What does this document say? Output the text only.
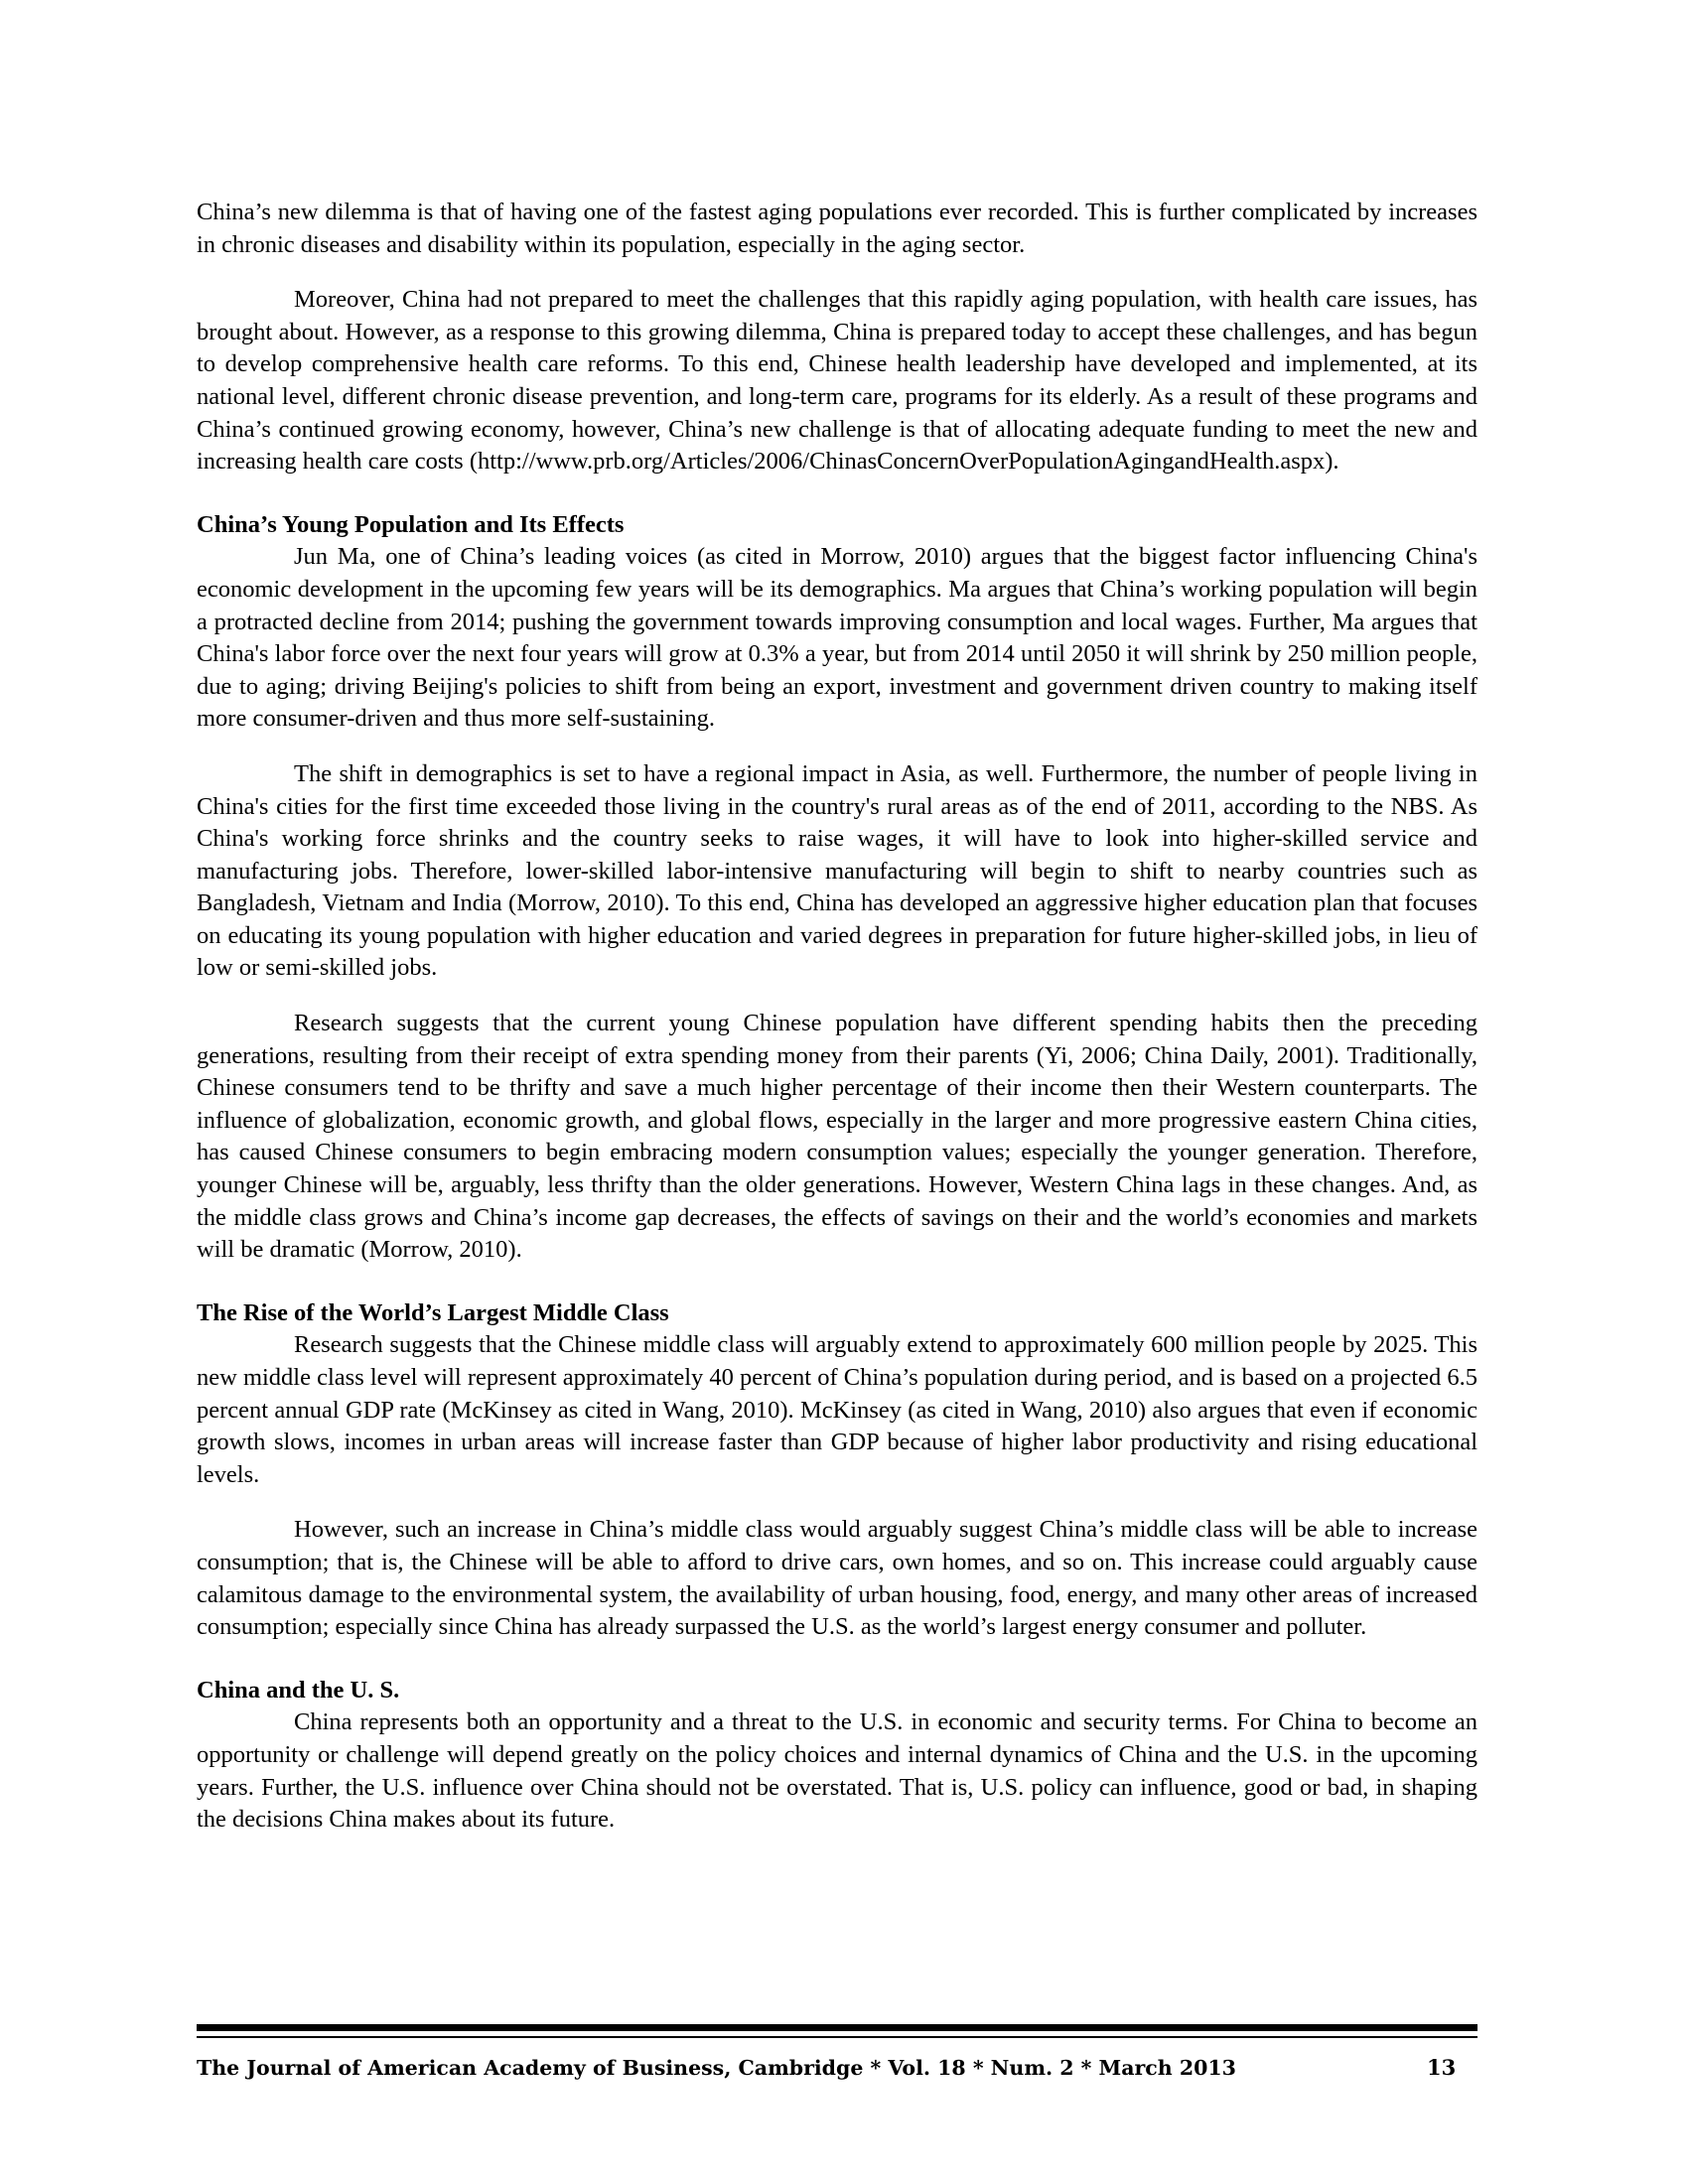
China’s new dilemma is that of having one of the fastest aging populations ever recorded. This is further complicated by increases in chronic diseases and disability within its population, especially in the aging sector.

Moreover, China had not prepared to meet the challenges that this rapidly aging population, with health care issues, has brought about. However, as a response to this growing dilemma, China is prepared today to accept these challenges, and has begun to develop comprehensive health care reforms. To this end, Chinese health leadership have developed and implemented, at its national level, different chronic disease prevention, and long-term care, programs for its elderly. As a result of these programs and China’s continued growing economy, however, China’s new challenge is that of allocating adequate funding to meet the new and increasing health care costs (http://www.prb.org/Articles/2006/ChinasConcernOverPopulationAgingandHealth.aspx).

China’s Young Population and Its Effects

Jun Ma, one of China’s leading voices (as cited in Morrow, 2010) argues that the biggest factor influencing China's economic development in the upcoming few years will be its demographics. Ma argues that China’s working population will begin a protracted decline from 2014; pushing the government towards improving consumption and local wages. Further, Ma argues that China's labor force over the next four years will grow at 0.3% a year, but from 2014 until 2050 it will shrink by 250 million people, due to aging; driving Beijing's policies to shift from being an export, investment and government driven country to making itself more consumer-driven and thus more self-sustaining.

The shift in demographics is set to have a regional impact in Asia, as well. Furthermore, the number of people living in China's cities for the first time exceeded those living in the country's rural areas as of the end of 2011, according to the NBS. As China's working force shrinks and the country seeks to raise wages, it will have to look into higher-skilled service and manufacturing jobs. Therefore, lower-skilled labor-intensive manufacturing will begin to shift to nearby countries such as Bangladesh, Vietnam and India (Morrow, 2010). To this end, China has developed an aggressive higher education plan that focuses on educating its young population with higher education and varied degrees in preparation for future higher-skilled jobs, in lieu of low or semi-skilled jobs.

Research suggests that the current young Chinese population have different spending habits then the preceding generations, resulting from their receipt of extra spending money from their parents (Yi, 2006; China Daily, 2001). Traditionally, Chinese consumers tend to be thrifty and save a much higher percentage of their income then their Western counterparts. The influence of globalization, economic growth, and global flows, especially in the larger and more progressive eastern China cities, has caused Chinese consumers to begin embracing modern consumption values; especially the younger generation. Therefore, younger Chinese will be, arguably, less thrifty than the older generations. However, Western China lags in these changes. And, as the middle class grows and China’s income gap decreases, the effects of savings on their and the world’s economies and markets will be dramatic (Morrow, 2010).

The Rise of the World’s Largest Middle Class

Research suggests that the Chinese middle class will arguably extend to approximately 600 million people by 2025. This new middle class level will represent approximately 40 percent of China’s population during period, and is based on a projected 6.5 percent annual GDP rate (McKinsey as cited in Wang, 2010). McKinsey (as cited in Wang, 2010) also argues that even if economic growth slows, incomes in urban areas will increase faster than GDP because of higher labor productivity and rising educational levels.

However, such an increase in China’s middle class would arguably suggest China’s middle class will be able to increase consumption; that is, the Chinese will be able to afford to drive cars, own homes, and so on. This increase could arguably cause calamitous damage to the environmental system, the availability of urban housing, food, energy, and many other areas of increased consumption; especially since China has already surpassed the U.S. as the world’s largest energy consumer and polluter.

China and the U. S.

China represents both an opportunity and a threat to the U.S. in economic and security terms. For China to become an opportunity or challenge will depend greatly on the policy choices and internal dynamics of China and the U.S. in the upcoming years. Further, the U.S. influence over China should not be overstated. That is, U.S. policy can influence, good or bad, in shaping the decisions China makes about its future.

The Journal of American Academy of Business, Cambridge * Vol. 18 * Num. 2 * March 2013	13
